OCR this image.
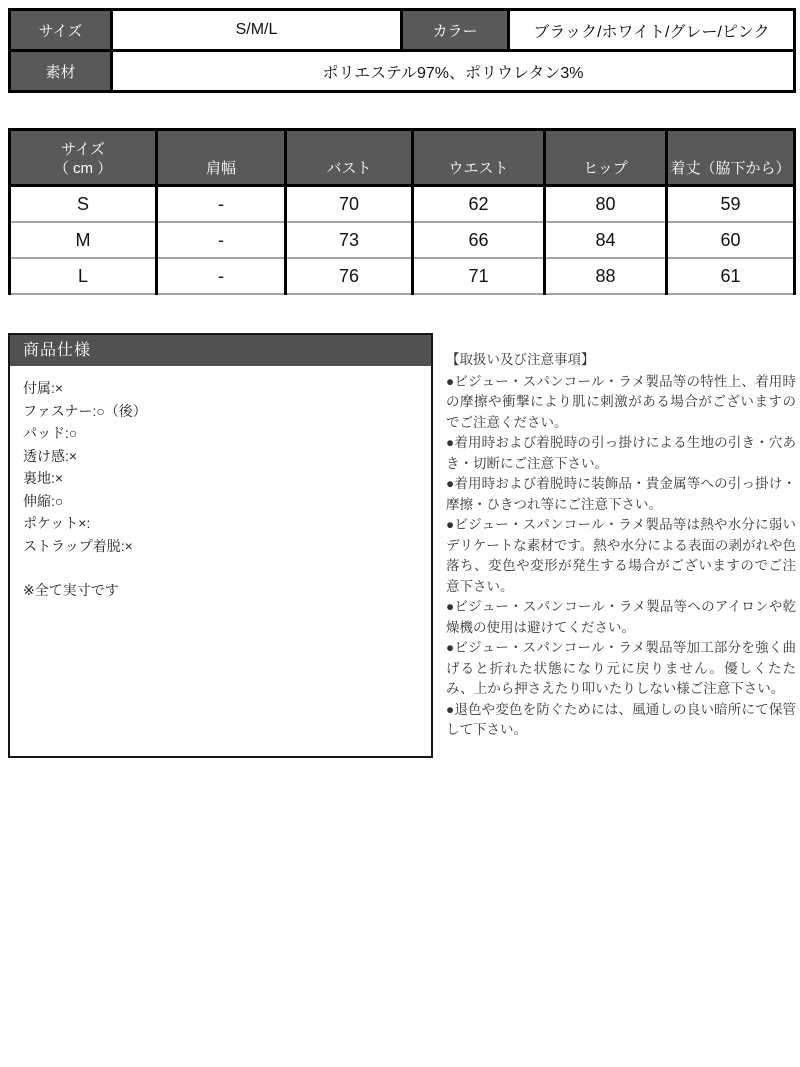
サイズ	S/M/L	カラー	ブラック/ホワイト/グレー/ピンク
素材	ポリエステル97%、ポリウレタン3%		
サイズ
（ cm ）	肩幅	バスト	ウエスト	ヒップ	着丈（脇下から）
S	-	70	62	80	59
M	-	73	66	84	60
L	-	76	71	88	61
商品仕様
付属:×
ファスナー:○（後）
パッド:○
透け感:×
裏地:×
伸縮:○
ポケット×:
ストラップ着脱:×
※全て実寸です
【取扱い及び注意事項】

●ビジュー・スパンコール・ラメ製品等の特性上、着用時の摩擦や衝撃により肌に刺激がある場合がございますのでご注意ください。

●着用時および着脱時の引っ掛けによる生地の引き・穴あき・切断にご注意下さい。

●着用時および着脱時に装飾品・貴金属等への引っ掛け・摩擦・ひきつれ等にご注意下さい。

●ビジュー・スパンコール・ラメ製品等は熱や水分に弱いデリケートな素材です。熱や水分による表面の剥がれや色落ち、変色や変形が発生する場合がございますのでご注意下さい。

●ビジュー・スパンコール・ラメ製品等へのアイロンや乾燥機の使用は避けてください。

●ビジュー・スパンコール・ラメ製品等加工部分を強く曲げると折れた状態になり元に戻りません。優しくたたみ、上から押さえたり叩いたりしない様ご注意下さい。

●退色や変色を防ぐためには、風通しの良い暗所にて保管して下さい。
